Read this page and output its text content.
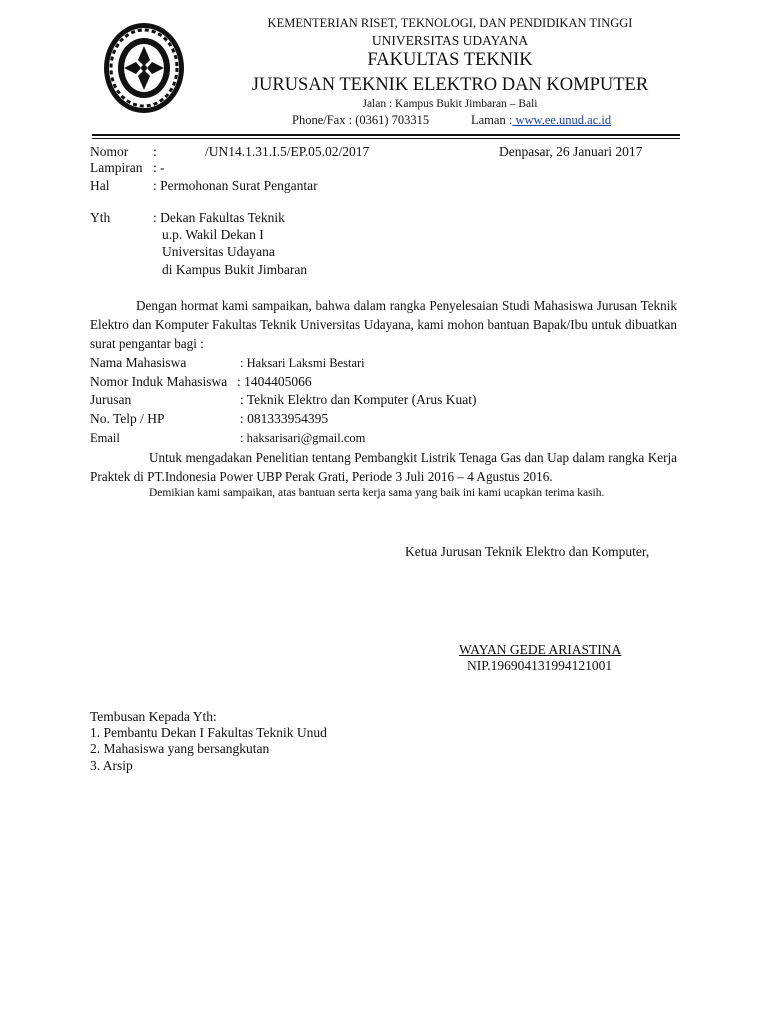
KEMENTERIAN RISET, TEKNOLOGI, DAN PENDIDIKAN TINGGI
UNIVERSITAS UDAYANA
FAKULTAS TEKNIK
JURUSAN TEKNIK ELEKTRO DAN KOMPUTER
Jalan : Kampus Bukit Jimbaran – Bali
Phone/Fax : (0361) 703315	Laman : www.ee.unud.ac.id
Nomor :	/UN14.1.31.I.5/EP.05.02/2017	Denpasar, 26 Januari 2017
Lampiran : -
Hal	: Permohonan Surat Pengantar
Yth	: Dekan Fakultas Teknik
u.p. Wakil Dekan I
Universitas Udayana
di Kampus Bukit Jimbaran

Dengan hormat kami sampaikan, bahwa dalam rangka Penyelesaian Studi Mahasiswa Jurusan Teknik Elektro dan Komputer Fakultas Teknik Universitas Udayana, kami mohon bantuan Bapak/Ibu untuk dibuatkan surat pengantar bagi :

Nama Mahasiswa	: Haksari Laksmi Bestari
Nomor Induk Mahasiswa : 1404405066
Jurusan	: Teknik Elektro dan Komputer (Arus Kuat)
No. Telp / HP	: 081333954395
Email	: haksarisari@gmail.com

Untuk mengadakan Penelitian tentang Pembangkit Listrik Tenaga Gas dan Uap dalam rangka Kerja Praktek di PT.Indonesia Power UBP Perak Grati, Periode 3 Juli 2016 – 4 Agustus 2016.

Demikian kami sampaikan, atas bantuan serta kerja sama yang baik ini kami ucapkan terima kasih.
Ketua Jurusan Teknik Elektro dan Komputer,
WAYAN GEDE ARIASTINA
NIP.196904131994121001
Tembusan Kepada Yth:
1. Pembantu Dekan I Fakultas Teknik Unud
2. Mahasiswa yang bersangkutan
3. Arsip
